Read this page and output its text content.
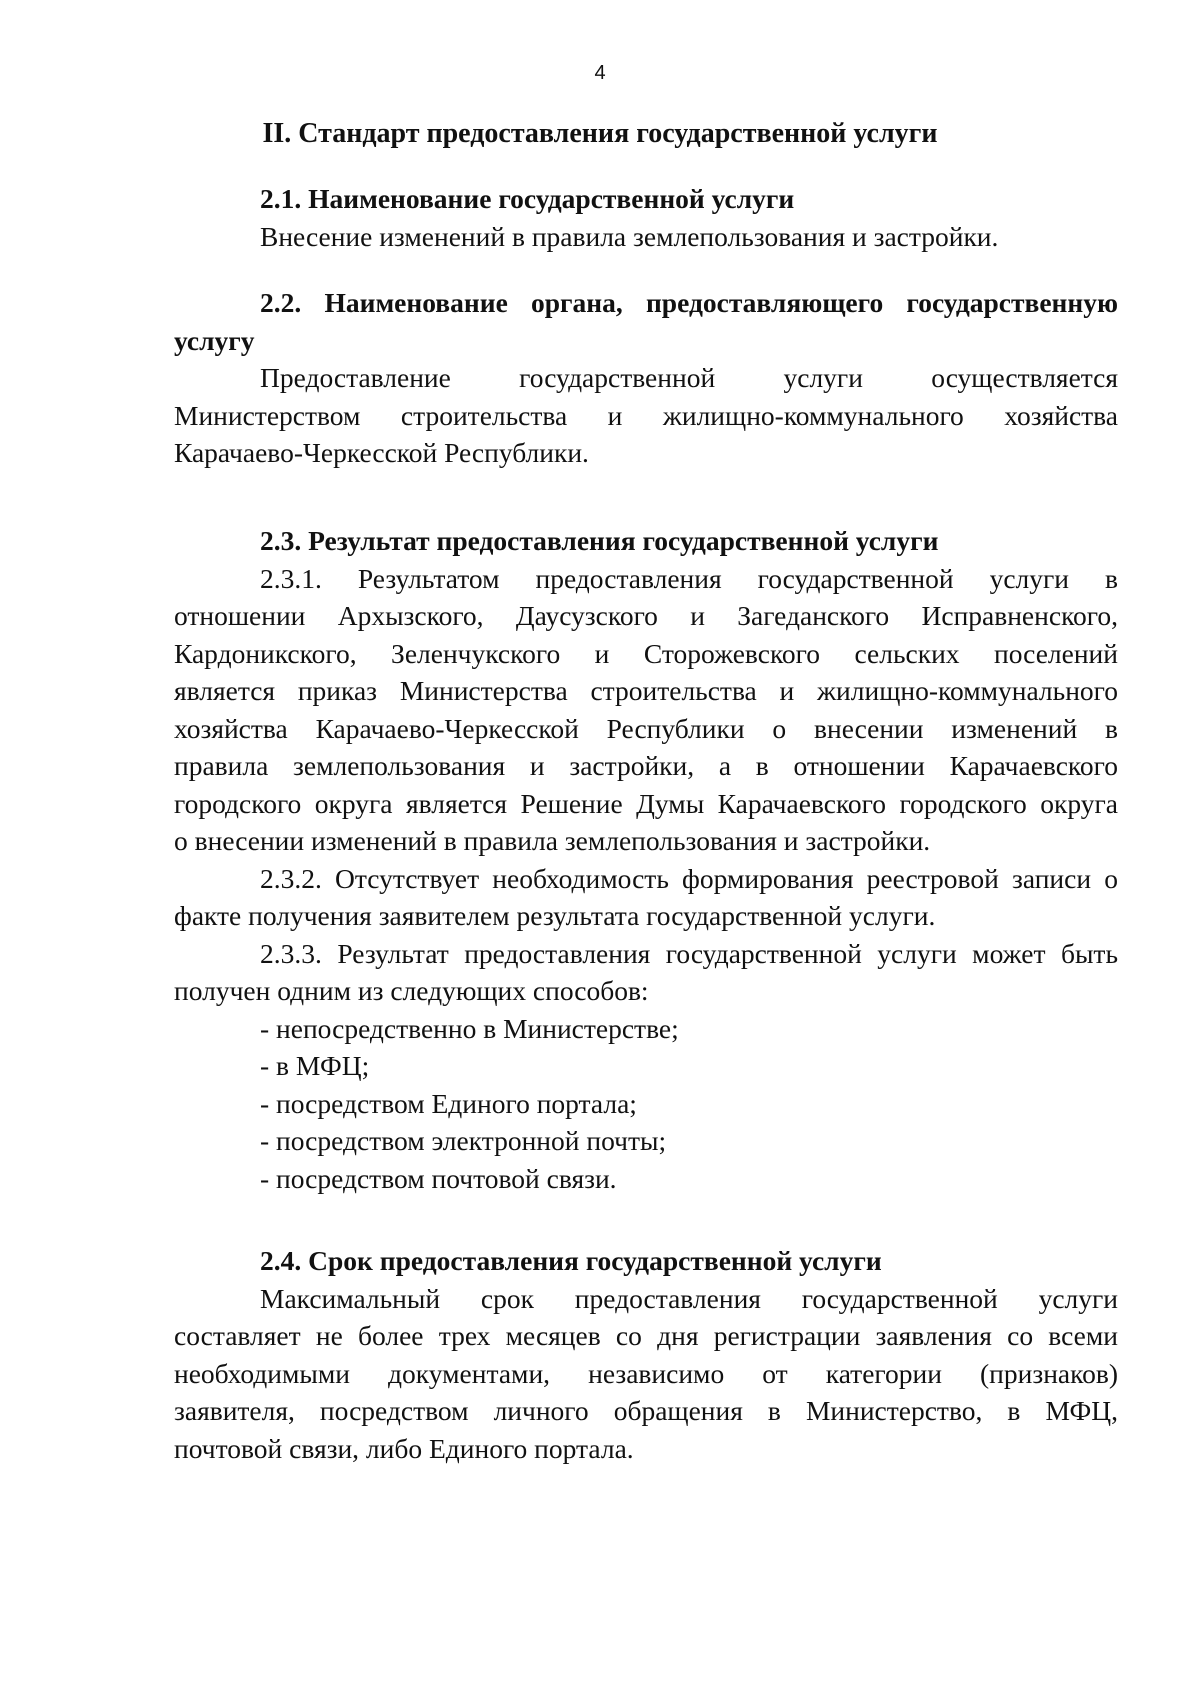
4
II. Стандарт предоставления государственной услуги

2.1. Наименование государственной услуги

Внесение изменений в правила землепользования и застройки.

2.2. Наименование органа, предоставляющего государственную

услугу

Предоставление государственной услуги осуществляется

Министерством строительства и жилищно-коммунального хозяйства

Карачаево-Черкесской Республики.

2.3. Результат предоставления государственной услуги

2.3.1. Результатом предоставления государственной услуги в

отношении Архызского, Даусузского и Загеданского Исправненского,

Кардоникского, Зеленчукского и Сторожевского сельских поселений

является приказ Министерства строительства и жилищно-коммунального

хозяйства Карачаево-Черкесской Республики о внесении изменений в

правила землепользования и застройки, а в отношении Карачаевского

городского округа является Решение Думы Карачаевского городского округа

о внесении изменений в правила землепользования и застройки.

2.3.2. Отсутствует необходимость формирования реестровой записи о

факте получения заявителем результата государственной услуги.

2.3.3. Результат предоставления государственной услуги может быть

получен одним из следующих способов:

- непосредственно в Министерстве;

- в МФЦ;

- посредством Единого портала;

- посредством электронной почты;

- посредством почтовой связи.

2.4. Срок предоставления государственной услуги

Максимальный срок предоставления государственной услуги

составляет не более трех месяцев со дня регистрации заявления со всеми

необходимыми документами, независимо от категории (признаков)

заявителя, посредством личного обращения в Министерство, в МФЦ,

почтовой связи, либо Единого портала.
